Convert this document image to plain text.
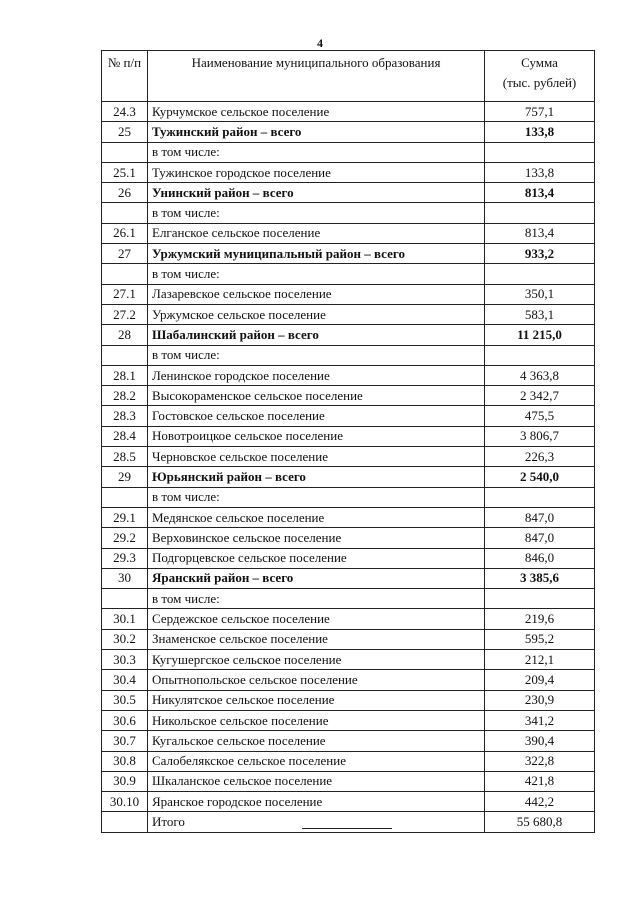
4
№ п/п	Наименование муниципального образования	Сумма
(тыс. рублей)

24.3	Курчумское сельское поселение	757,1
25	Тужинский район – всего	133,8
	в том числе:	
25.1	Тужинское городское поселение	133,8
26	Унинский район – всего	813,4
	в том числе:	
26.1	Елганское сельское поселение	813,4
27	Уржумский муниципальный район – всего	933,2
	в том числе:	
27.1	Лазаревское сельское поселение	350,1
27.2	Уржумское сельское поселение	583,1
28	Шабалинский район – всего	11 215,0
	в том числе:	
28.1	Ленинское городское поселение	4 363,8
28.2	Высокораменское сельское поселение	2 342,7
28.3	Гостовское сельское поселение	475,5
28.4	Новотроицкое сельское поселение	3 806,7
28.5	Черновское сельское поселение	226,3
29	Юрьянский район – всего	2 540,0
	в том числе:	
29.1	Медянское сельское поселение	847,0
29.2	Верховинское сельское поселение	847,0
29.3	Подгорцевское сельское поселение	846,0
30	Яранский район – всего	3 385,6
	в том числе:	
30.1	Сердежское сельское поселение	219,6
30.2	Знаменское сельское поселение	595,2
30.3	Кугушергское сельское поселение	212,1
30.4	Опытнопольское сельское поселение	209,4
30.5	Никулятское сельское поселение	230,9
30.6	Никольское сельское поселение	341,2
30.7	Кугальское сельское поселение	390,4
30.8	Салобелякское сельское поселение	322,8
30.9	Шкаланское сельское поселение	421,8
30.10	Яранское городское поселение	442,2
	Итого	55 680,8
